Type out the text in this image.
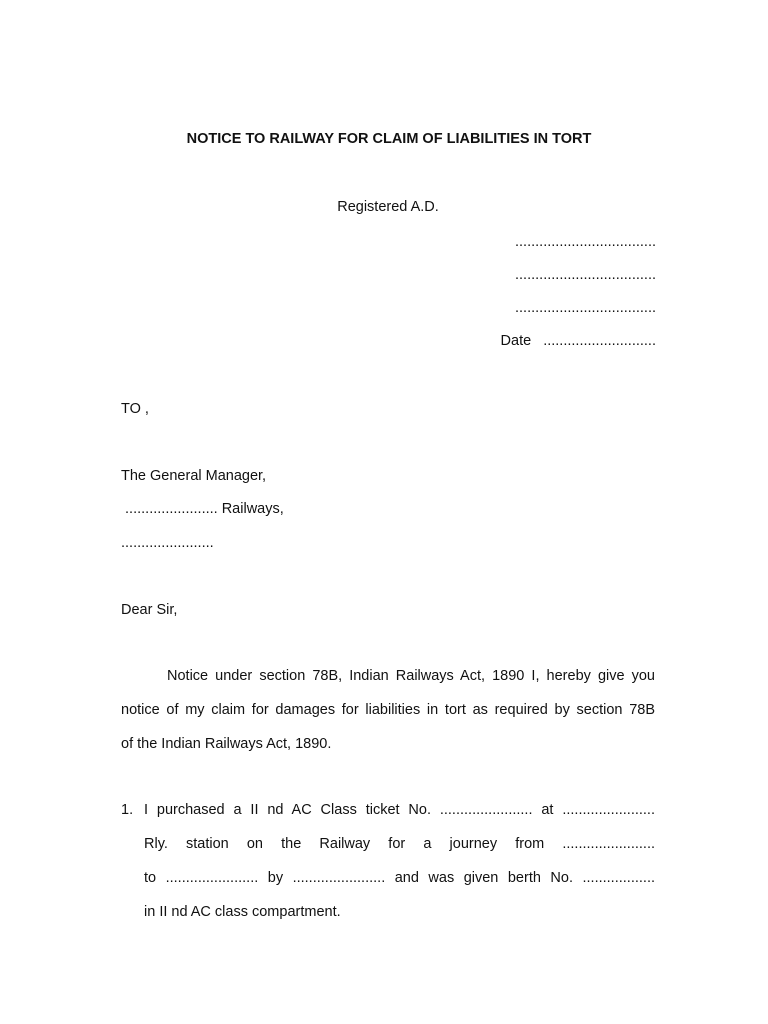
NOTICE TO RAILWAY FOR CLAIM OF LIABILITIES IN TORT
Registered A.D.
...................................
...................................
...................................
Date ............................
TO ,
The General Manager,
....................... Railways,
.......................
Dear Sir,
Notice under section 78B, Indian Railways Act, 1890 I, hereby give you
notice of my claim for damages for liabilities in tort as required by section 78B
of the Indian Railways Act, 1890.
1. I purchased a II nd AC Class ticket No. ....................... at .......................
Rly. station on the Railway for a journey from .......................
to ....................... by ....................... and was given berth No. ..................
in II nd AC class compartment.
